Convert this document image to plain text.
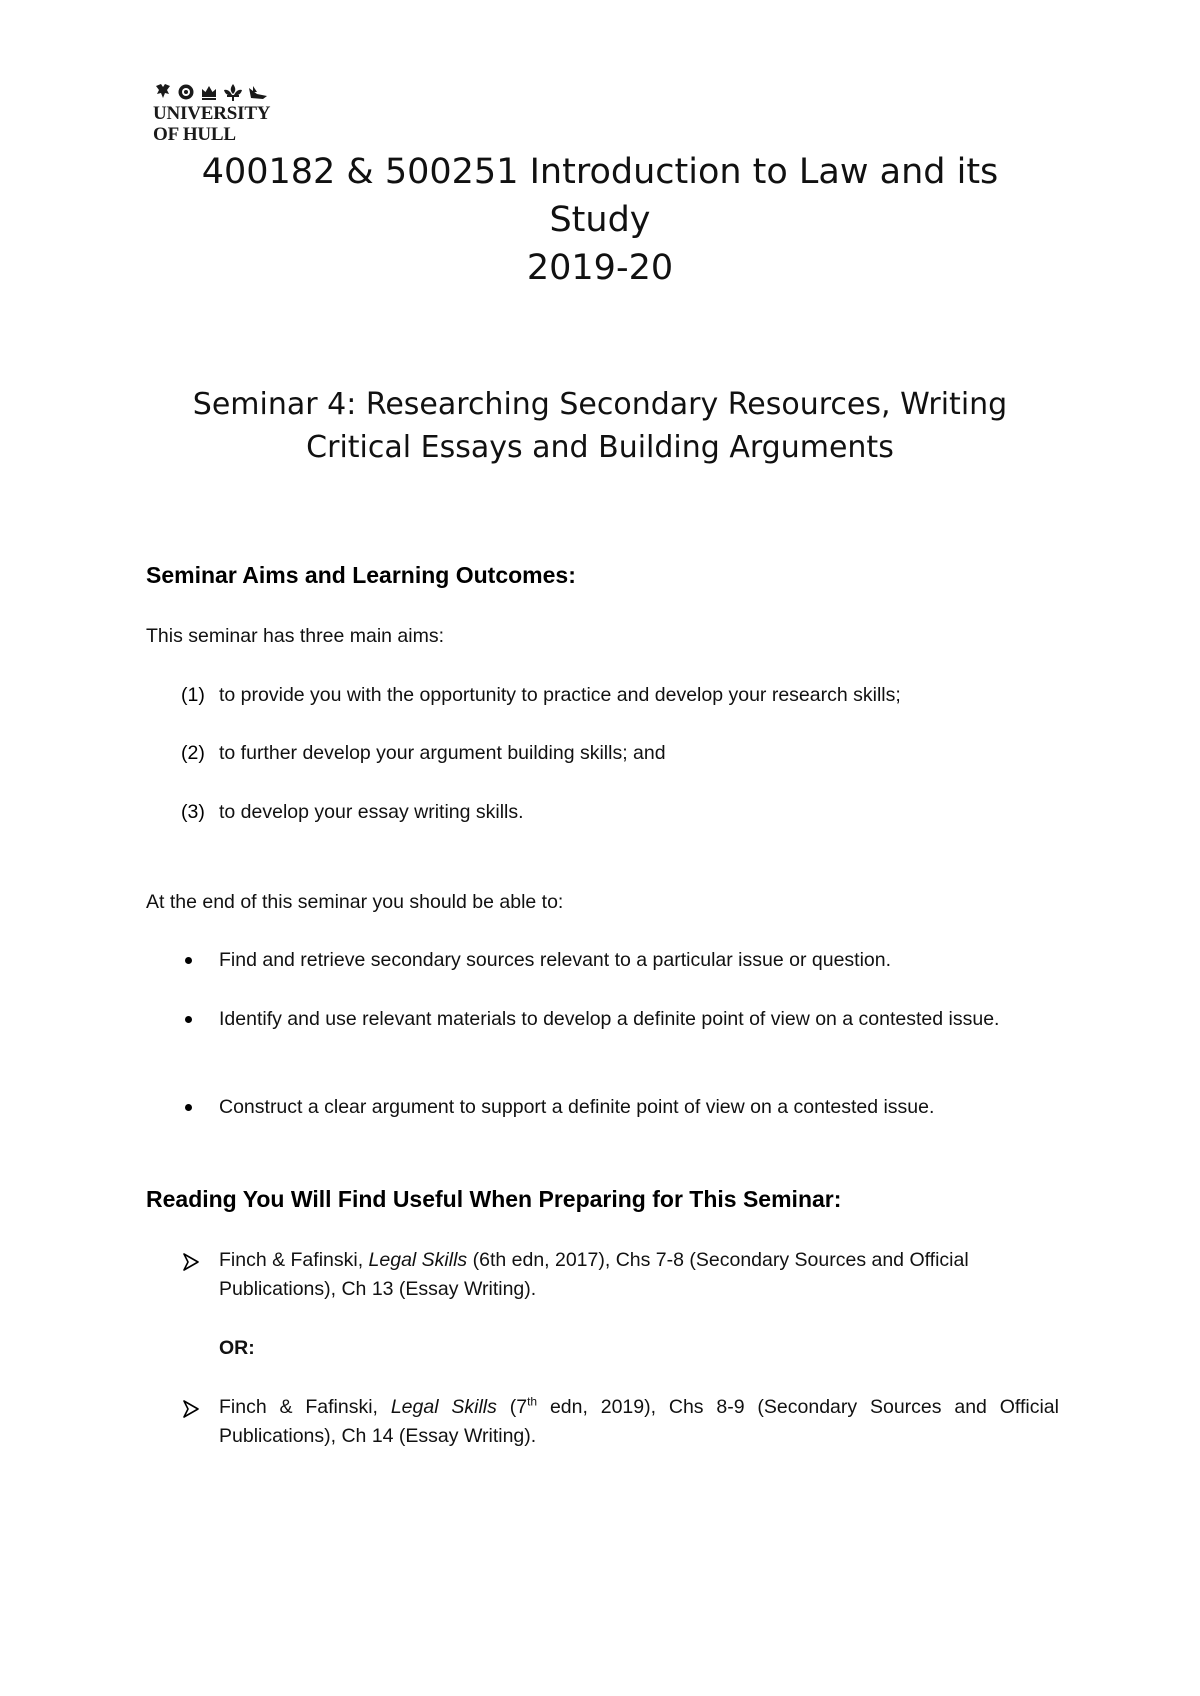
UNIVERSITY
OF HULL
400182 & 500251 Introduction to Law and its
Study
2019-20
Seminar 4: Researching Secondary Resources, Writing
Critical Essays and Building Arguments
Seminar Aims and Learning Outcomes:
This seminar has three main aims:
(1) to provide you with the opportunity to practice and develop your research skills;
(2) to further develop your argument building skills; and
(3) to develop your essay writing skills.
At the end of this seminar you should be able to:
Find and retrieve secondary sources relevant to a particular issue or question.
Identify and use relevant materials to develop a definite point of view on a contested issue.
Construct a clear argument to support a definite point of view on a contested issue.
Reading You Will Find Useful When Preparing for This Seminar:
Finch & Fafinski, Legal Skills (6th edn, 2017), Chs 7-8 (Secondary Sources and Official Publications), Ch 13 (Essay Writing).
OR:
Finch & Fafinski, Legal Skills (7th edn, 2019), Chs 8-9 (Secondary Sources and Official Publications), Ch 14 (Essay Writing).
